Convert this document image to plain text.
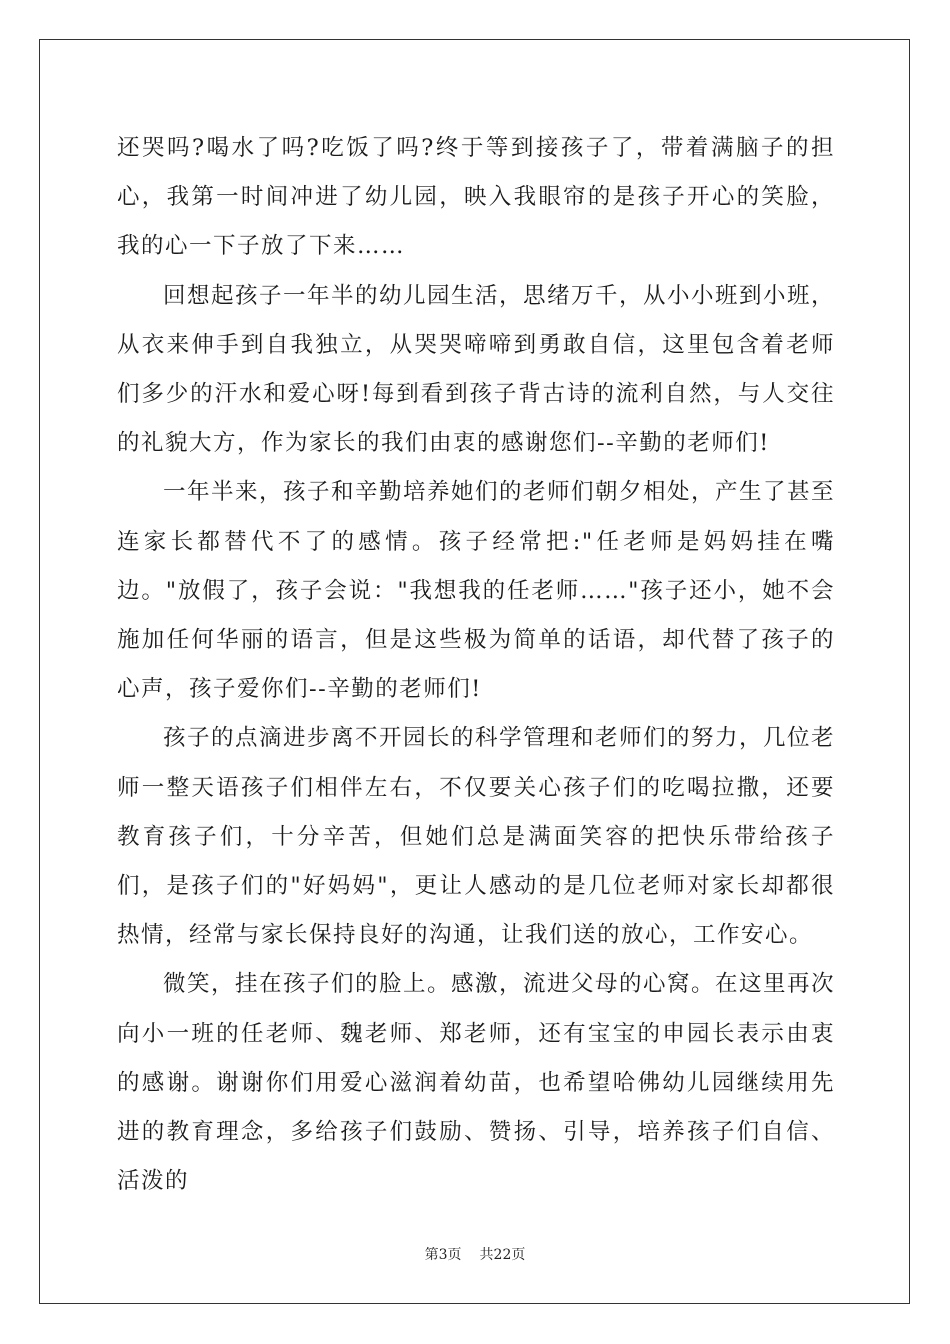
还哭吗?喝水了吗?吃饭了吗?终于等到接孩子了，带着满脑子的担心，我第一时间冲进了幼儿园，映入我眼帘的是孩子开心的笑脸，我的心一下子放了下来……

回想起孩子一年半的幼儿园生活，思绪万千，从小小班到小班，从衣来伸手到自我独立，从哭哭啼啼到勇敢自信，这里包含着老师们多少的汗水和爱心呀!每到看到孩子背古诗的流利自然，与人交往的礼貌大方，作为家长的我们由衷的感谢您们--辛勤的老师们!

一年半来，孩子和辛勤培养她们的老师们朝夕相处，产生了甚至连家长都替代不了的感情。孩子经常把:"任老师是妈妈挂在嘴边。"放假了，孩子会说："我想我的任老师……"孩子还小，她不会施加任何华丽的语言，但是这些极为简单的话语，却代替了孩子的心声，孩子爱你们--辛勤的老师们!

孩子的点滴进步离不开园长的科学管理和老师们的努力，几位老师一整天语孩子们相伴左右，不仅要关心孩子们的吃喝拉撒，还要教育孩子们，十分辛苦，但她们总是满面笑容的把快乐带给孩子们，是孩子们的"好妈妈"，更让人感动的是几位老师对家长却都很热情，经常与家长保持良好的沟通，让我们送的放心，工作安心。

微笑，挂在孩子们的脸上。感激，流进父母的心窝。在这里再次向小一班的任老师、魏老师、郑老师，还有宝宝的申园长表示由衷的感谢。谢谢你们用爱心滋润着幼苗，也希望哈佛幼儿园继续用先进的教育理念，多给孩子们鼓励、赞扬、引导，培养孩子们自信、活泼的

第3页 共22页
